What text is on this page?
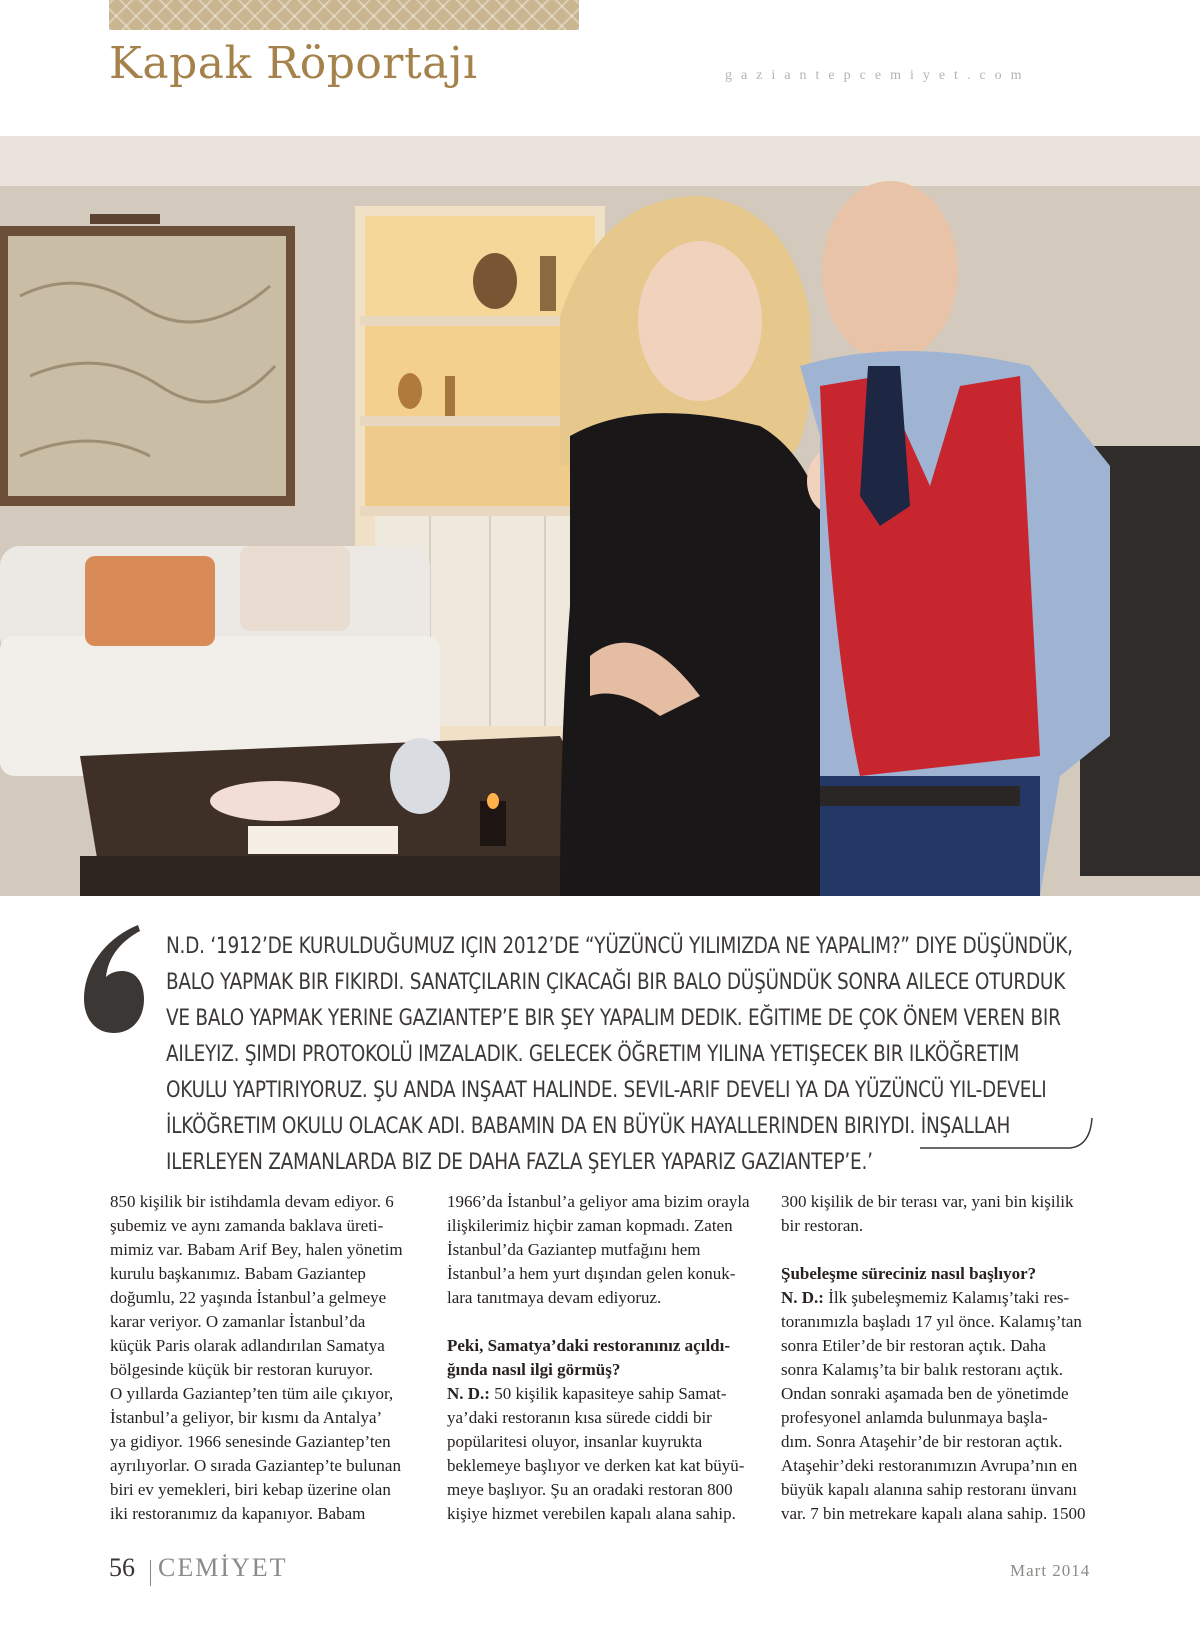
Kapak Röportajı	gaziantepcemiyet.com

N.D. ‘1912’DE KURULDUĞUMUZ IÇIN 2012’DE “YÜZÜNCÜ YILIMIZDA NE YAPALIM?” DIYE DÜŞÜNDÜK, BALO YAPMAK BIR FIKIRDI. SANATÇILARIN ÇIKACAĞI BIR BALO DÜŞÜNDÜK SONRA AILECE OTURDUK VE BALO YAPMAK YERINE GAZIANTEP’E BIR ŞEY YAPALIM DEDIK. EĞITIME DE ÇOK ÖNEM VEREN BIR AILEYIZ. ŞIMDI PROTOKOLÜ IMZALADIK. GELECEK ÖĞRETIM YILINA YETIŞECEK BIR ILKÖĞRETIM OKULU YAPTIRIYORUZ. ŞU ANDA INŞAAT HALINDE. SEVIL-ARIF DEVELI YA DA YÜZÜNCÜ YIL-DEVELI İLKÖĞRETIM OKULU OLACAK ADI. BABAMIN DA EN BÜYÜK HAYALLERINDEN BIRIYDI. İNŞALLAH ILERLEYEN ZAMANLARDA BIZ DE DAHA FAZLA ŞEYLER YAPARIZ GAZIANTEP’E.’

850 kişilik bir istihdamla devam ediyor. 6
şubemiz ve aynı zamanda baklava üreti-
mimiz var. Babam Arif Bey, halen yönetim
kurulu başkanımız. Babam Gaziantep
doğumlu, 22 yaşında İstanbul’a gelmeye
karar veriyor. O zamanlar İstanbul’da
küçük Paris olarak adlandırılan Samatya
bölgesinde küçük bir restoran kuruyor.
O yıllarda Gaziantep’ten tüm aile çıkıyor,
İstanbul’a geliyor, bir kısmı da Antalya’
ya gidiyor. 1966 senesinde Gaziantep’ten
ayrılıyorlar. O sırada Gaziantep’te bulunan
biri ev yemekleri, biri kebap üzerine olan
iki restoranımız da kapanıyor. Babam

1966’da İstanbul’a geliyor ama bizim orayla
ilişkilerimiz hiçbir zaman kopmadı. Zaten
İstanbul’da Gaziantep mutfağını hem
İstanbul’a hem yurt dışından gelen konuk-
lara tanıtmaya devam ediyoruz.

Peki, Samatya’daki restoranınız açıldı-
ğında nasıl ilgi görmüş?

N. D.: 50 kişilik kapasiteye sahip Samat-
ya’daki restoranın kısa sürede ciddi bir
popülaritesi oluyor, insanlar kuyrukta
beklemeye başlıyor ve derken kat kat büyü-
meye başlıyor. Şu an oradaki restoran 800
kişiye hizmet verebilen kapalı alana sahip.

300 kişilik de bir terası var, yani bin kişilik
bir restoran.

Şubeleşme süreciniz nasıl başlıyor?

N. D.: İlk şubeleşmemiz Kalamış’taki res-
toranımızla başladı 17 yıl önce. Kalamış’tan
sonra Etiler’de bir restoran açtık. Daha
sonra Kalamış’ta bir balık restoranı açtık.
Ondan sonraki aşamada ben de yönetimde
profesyonel anlamda bulunmaya başla-
dım. Sonra Ataşehir’de bir restoran açtık.
Ataşehir’deki restoranımızın Avrupa’nın en
büyük kapalı alanına sahip restoranı ünvanı
var. 7 bin metrekare kapalı alana sahip. 1500

56 CEMİYET	Mart 2014
